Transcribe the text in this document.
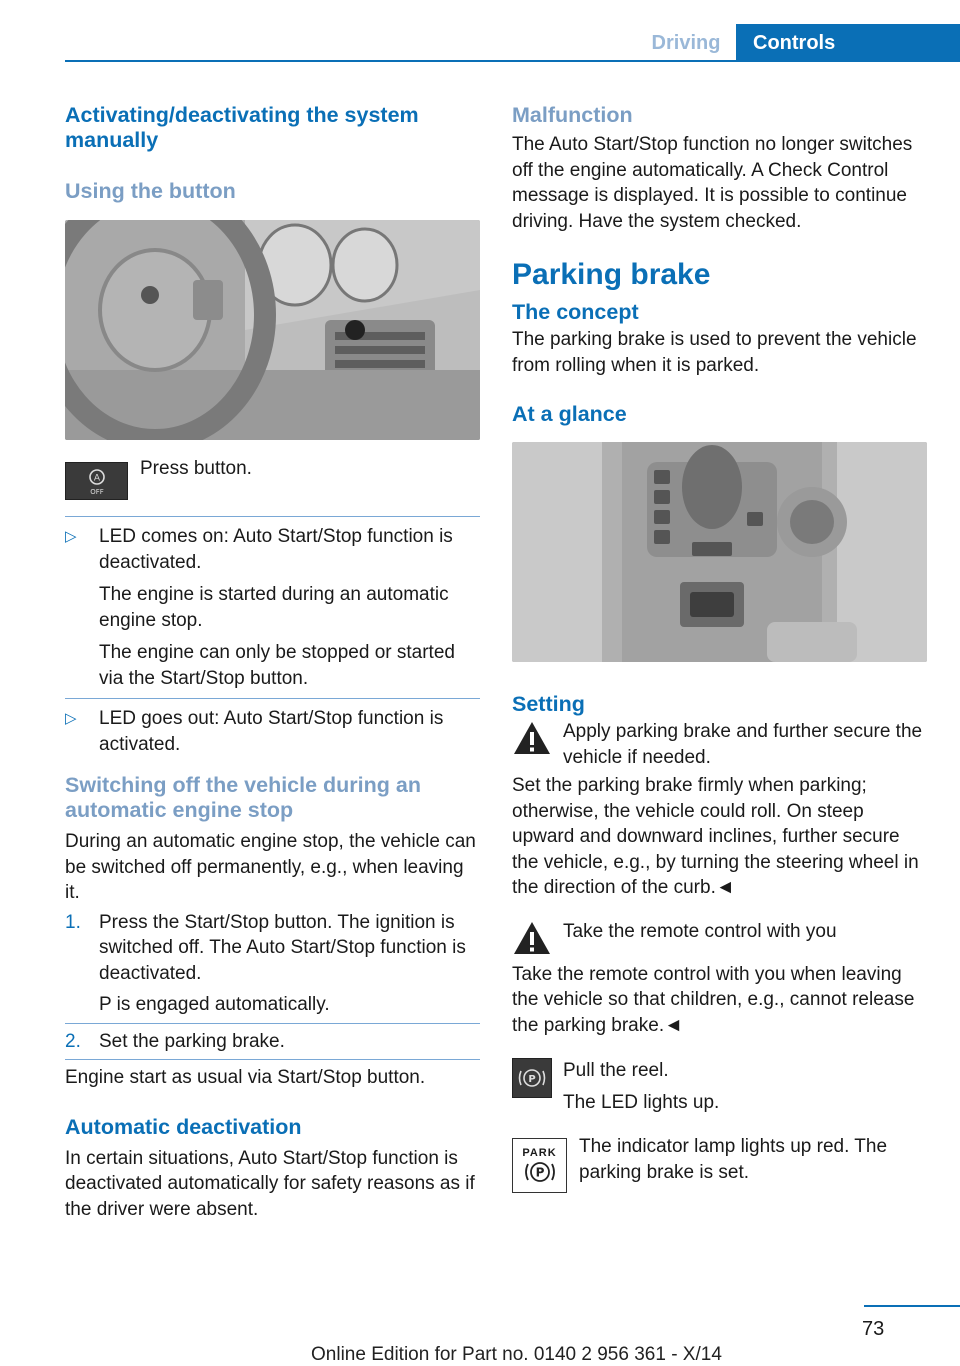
Driving	Controls
Activating/deactivating the system manually
Using the button
A
OFF

Press button.

▷ LED comes on: Auto Start/Stop function is deactivated.
The engine is started during an automatic engine stop.
The engine can only be stopped or started via the Start/Stop button.
▷ LED goes out: Auto Start/Stop function is activated.
Switching off the vehicle during an automatic engine stop

During an automatic engine stop, the vehicle can be switched off permanently, e.g., when leaving it.

1. Press the Start/Stop button. The ignition is switched off. The Auto Start/Stop function is deactivated.
P is engaged automatically.
2. Set the parking brake.

Engine start as usual via Start/Stop button.

Automatic deactivation

In certain situations, Auto Start/Stop function is deactivated automatically for safety reasons as if the driver were absent.

Malfunction

The Auto Start/Stop function no longer switches off the engine automatically. A Check Control message is displayed. It is possible to continue driving. Have the system checked.

Parking brake
The concept

The parking brake is used to prevent the vehicle from rolling when it is parked.

At a glance
Setting

Apply parking brake and further secure the vehicle if needed.

Set the parking brake firmly when parking; otherwise, the vehicle could roll. On steep upward and downward inclines, further secure the vehicle, e.g., by turning the steering wheel in the direction of the curb.◄

Take the remote control with you

Take the remote control with you when leaving the vehicle so that children, e.g., cannot release the parking brake.◄

P Pull the reel.

The LED lights up.

PARK
P

The indicator lamp lights up red. The parking brake is set.

73
Online Edition for Part no. 0140 2 956 361 - X/14
